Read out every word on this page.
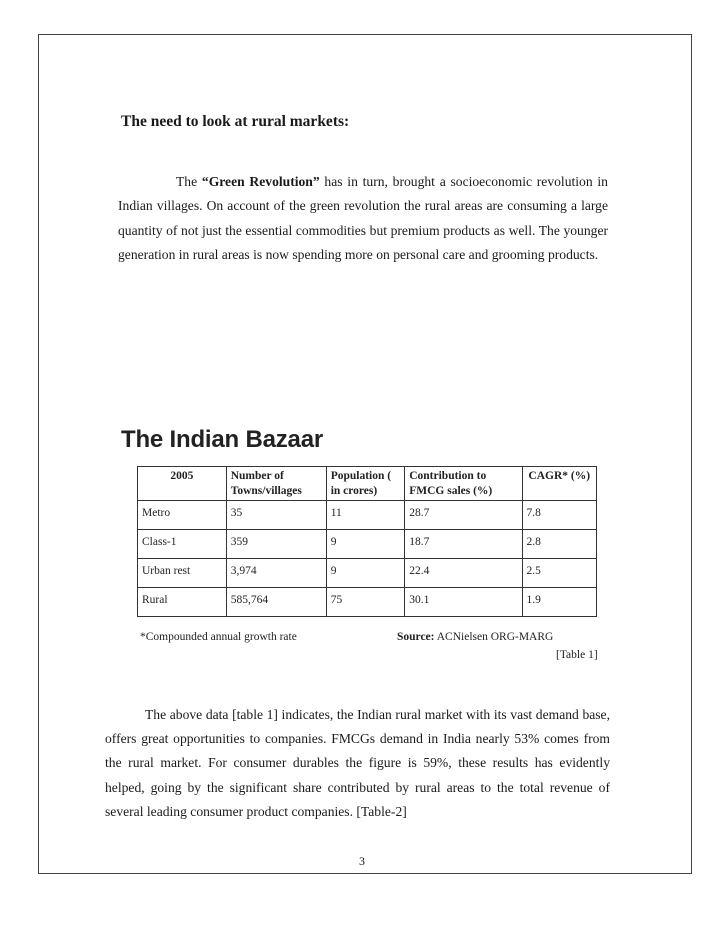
The need to look at rural markets:

The “Green Revolution” has in turn, brought a socioeconomic revolution in Indian villages. On account of the green revolution the rural areas are consuming a large quantity of not just the essential commodities but premium products as well. The younger generation in rural areas is now spending more on personal care and grooming products.

The Indian Bazaar
2005	Number of Towns/villages	Population ( in crores)	Contribution to FMCG sales (%)	CAGR* (%)
Metro	35	11	28.7	7.8
Class-1	359	9	18.7	2.8
Urban rest	3,974	9	22.4	2.5
Rural	585,764	75	30.1	1.9

*Compounded annual growth rate	Source: ACNielsen ORG-MARG

[Table 1]

The above data [table 1] indicates, the Indian rural market with its vast demand base, offers great opportunities to companies. FMCGs demand in India nearly 53% comes from the rural market. For consumer durables the figure is 59%, these results has evidently helped, going by the significant share contributed by rural areas to the total revenue of several leading consumer product companies. [Table-2]

3
